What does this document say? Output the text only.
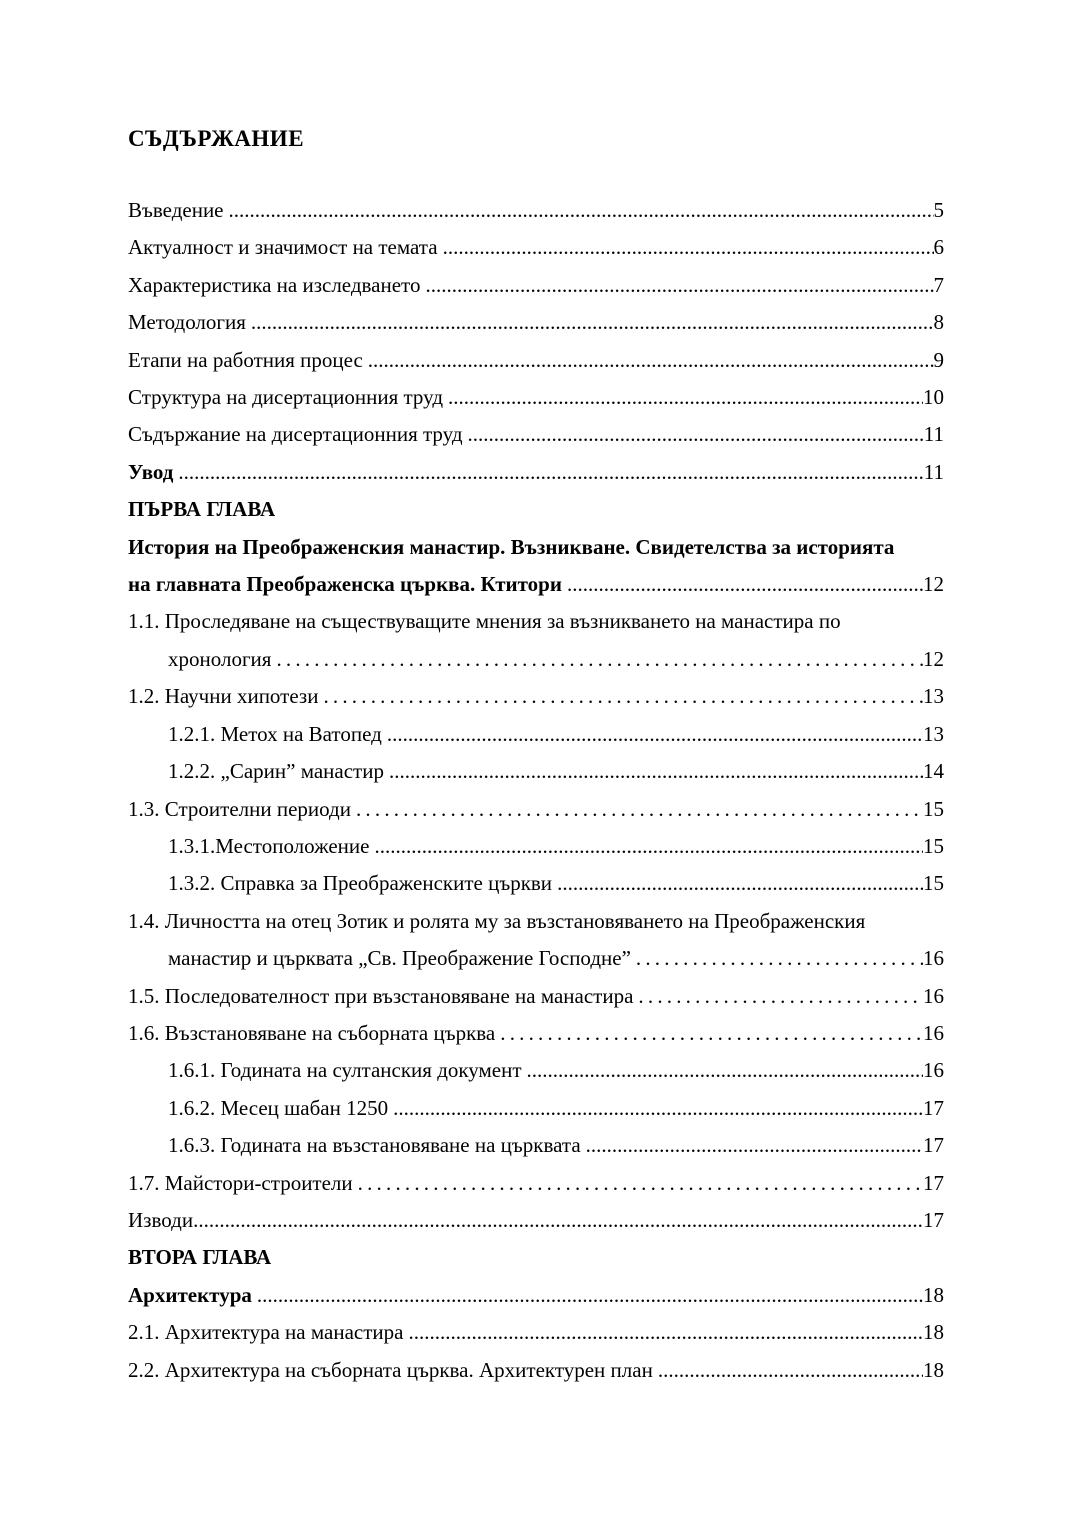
СЪДЪРЖАНИЕ
Въведение .....	5
Актуалност и значимост на темата .....	6
Характеристика на изследването .....	7
Методология .....	8
Етапи на работния процес .....	9
Структура на дисертационния труд .....	10
Съдържание на дисертационния труд .....	11
Увод .....	11
ПЪРВА ГЛАВА
История на Преображенския манастир. Възникване. Свидетелства за историята
на главната Преображенска църква. Ктитори .....	12
1.1. Проследяване на съществуващите мнения за възникването на манастира по
хронология .....	12
1.2. Научни хипотези .....	13
1.2.1. Метох на Ватопед .....	13
1.2.2. „Сарин” манастир .....	14
1.3. Строителни периоди .....	15
1.3.1.Местоположение .....	15
1.3.2. Справка за Преображенските църкви .....	15
1.4. Личността на отец Зотик и ролята му за възстановяването на Преображенския
манастир и църквата „Св. Преображение Господне” .....	16
1.5. Последователност при възстановяване на манастира .....	16
1.6. Възстановяване на съборната църква .....	16
1.6.1. Годината на султанския документ .....	16
1.6.2. Месец шабан 1250 .....	17
1.6.3. Годината на възстановяване на църквата .....	17
1.7. Майстори-строители .....	17
Изводи .....	17
ВТОРА ГЛАВА
Архитектура .....	18
2.1. Архитектура на манастира .....	18
2.2. Архитектура на съборната църква. Архитектурен план .....	18
